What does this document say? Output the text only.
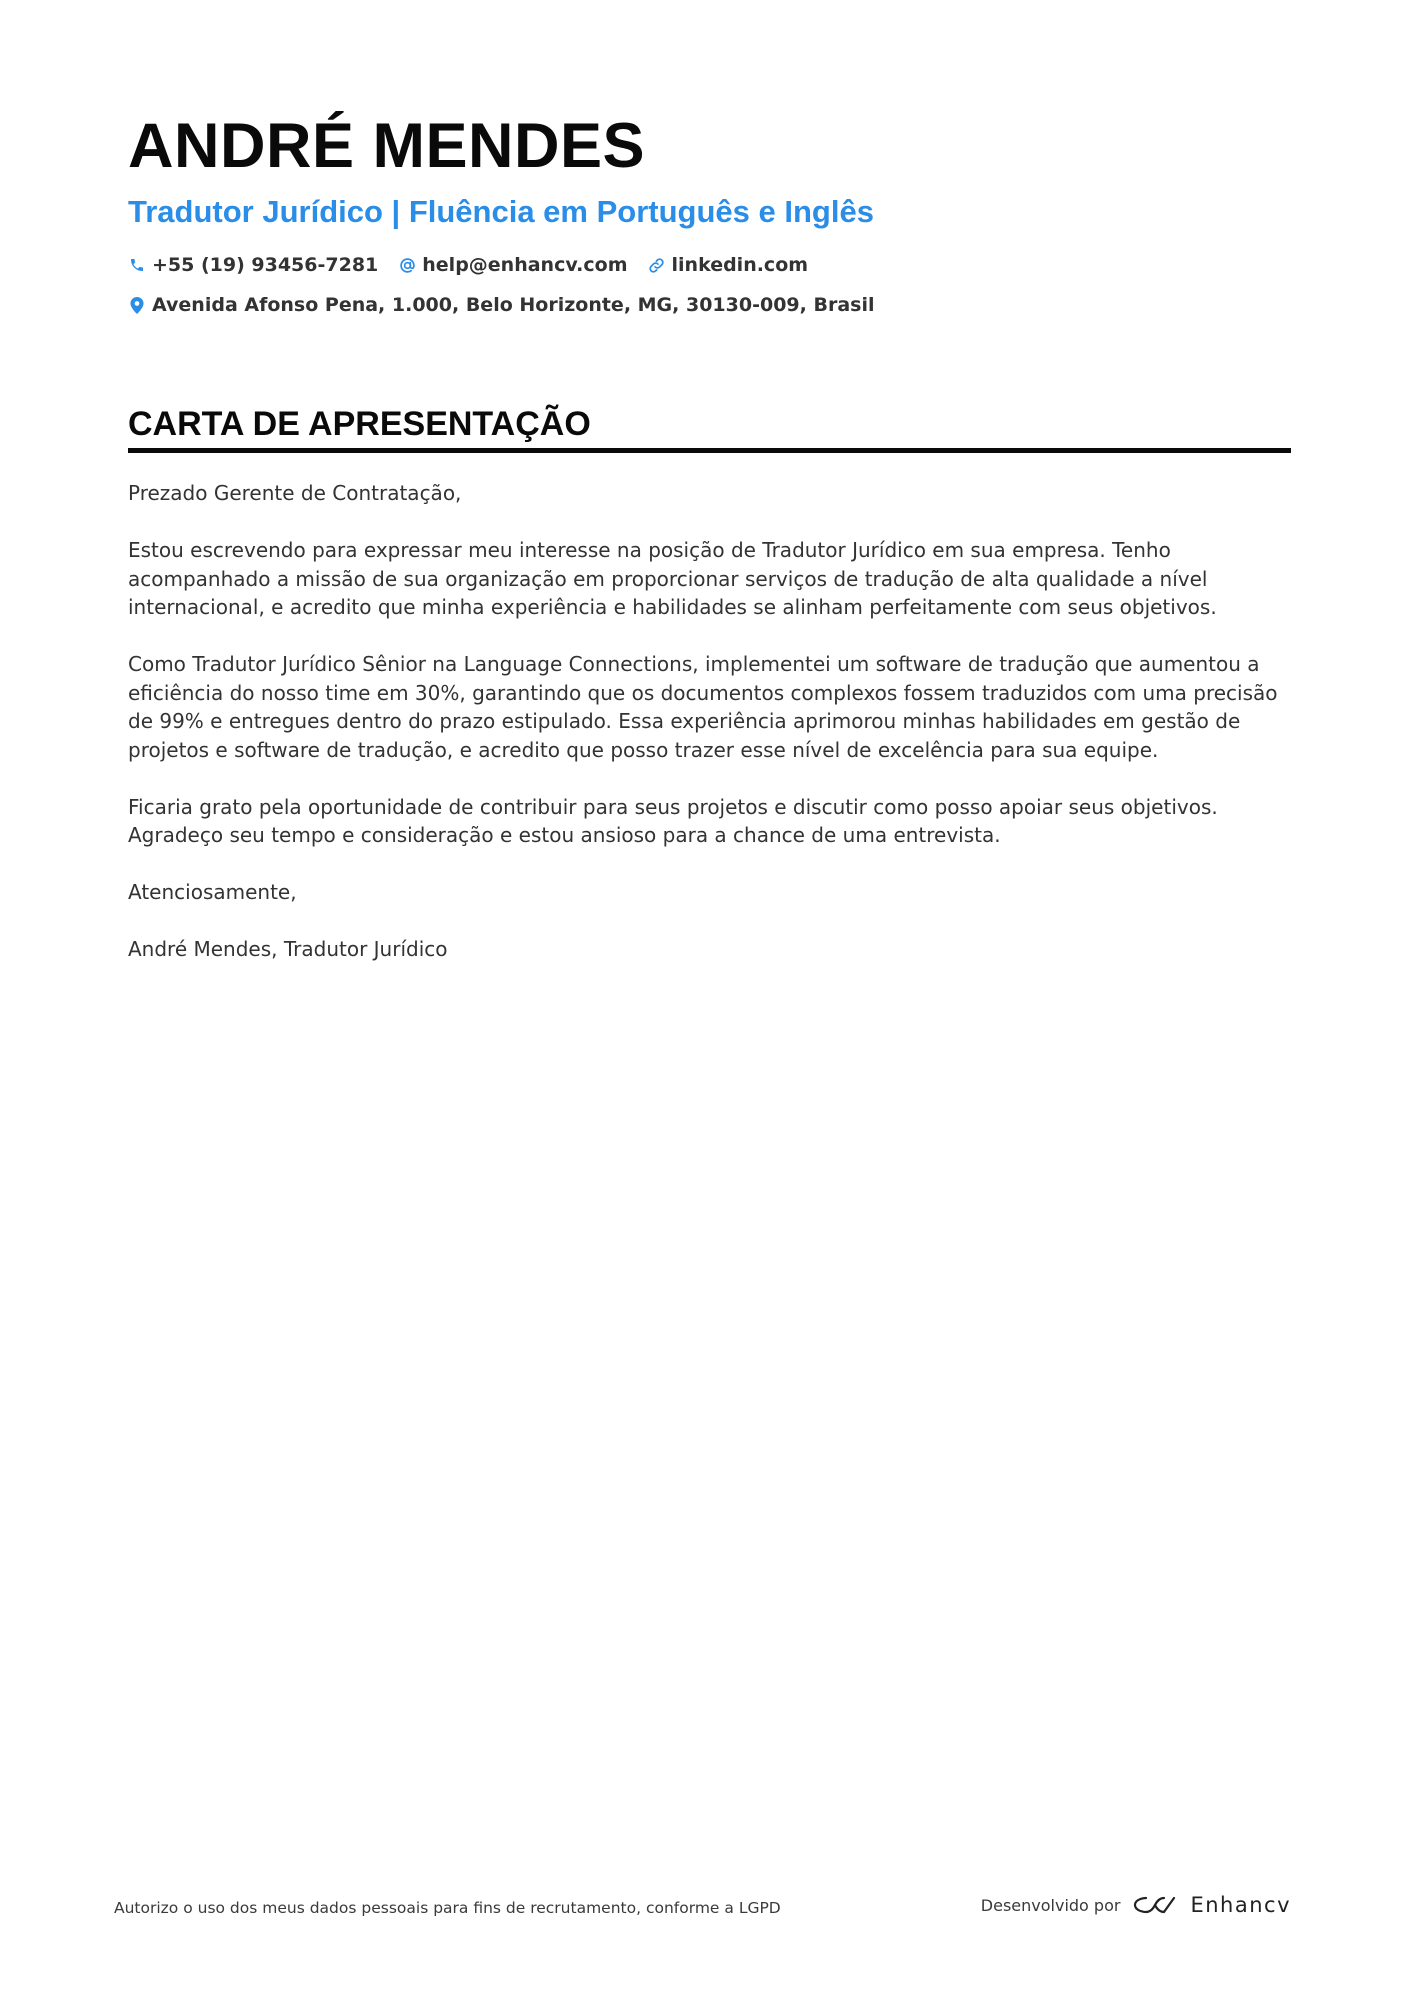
ANDRÉ MENDES
Tradutor Jurídico | Fluência em Português e Inglês
+55 (19) 93456-7281 help@enhancv.com linkedin.com
Avenida Afonso Pena, 1.000, Belo Horizonte, MG, 30130-009, Brasil
CARTA DE APRESENTAÇÃO

Prezado Gerente de Contratação,

Estou escrevendo para expressar meu interesse na posição de Tradutor Jurídico em sua empresa. Tenho acompanhado a missão de sua organização em proporcionar serviços de tradução de alta qualidade a nível internacional, e acredito que minha experiência e habilidades se alinham perfeitamente com seus objetivos.

Como Tradutor Jurídico Sênior na Language Connections, implementei um software de tradução que aumentou a eficiência do nosso time em 30%, garantindo que os documentos complexos fossem traduzidos com uma precisão de 99% e entregues dentro do prazo estipulado. Essa experiência aprimorou minhas habilidades em gestão de projetos e software de tradução, e acredito que posso trazer esse nível de excelência para sua equipe.

Ficaria grato pela oportunidade de contribuir para seus projetos e discutir como posso apoiar seus objetivos. Agradeço seu tempo e consideração e estou ansioso para a chance de uma entrevista.

Atenciosamente,

André Mendes, Tradutor Jurídico

Autorizo o uso dos meus dados pessoais para fins de recrutamento, conforme a LGPD	Desenvolvido por	Enhancv
